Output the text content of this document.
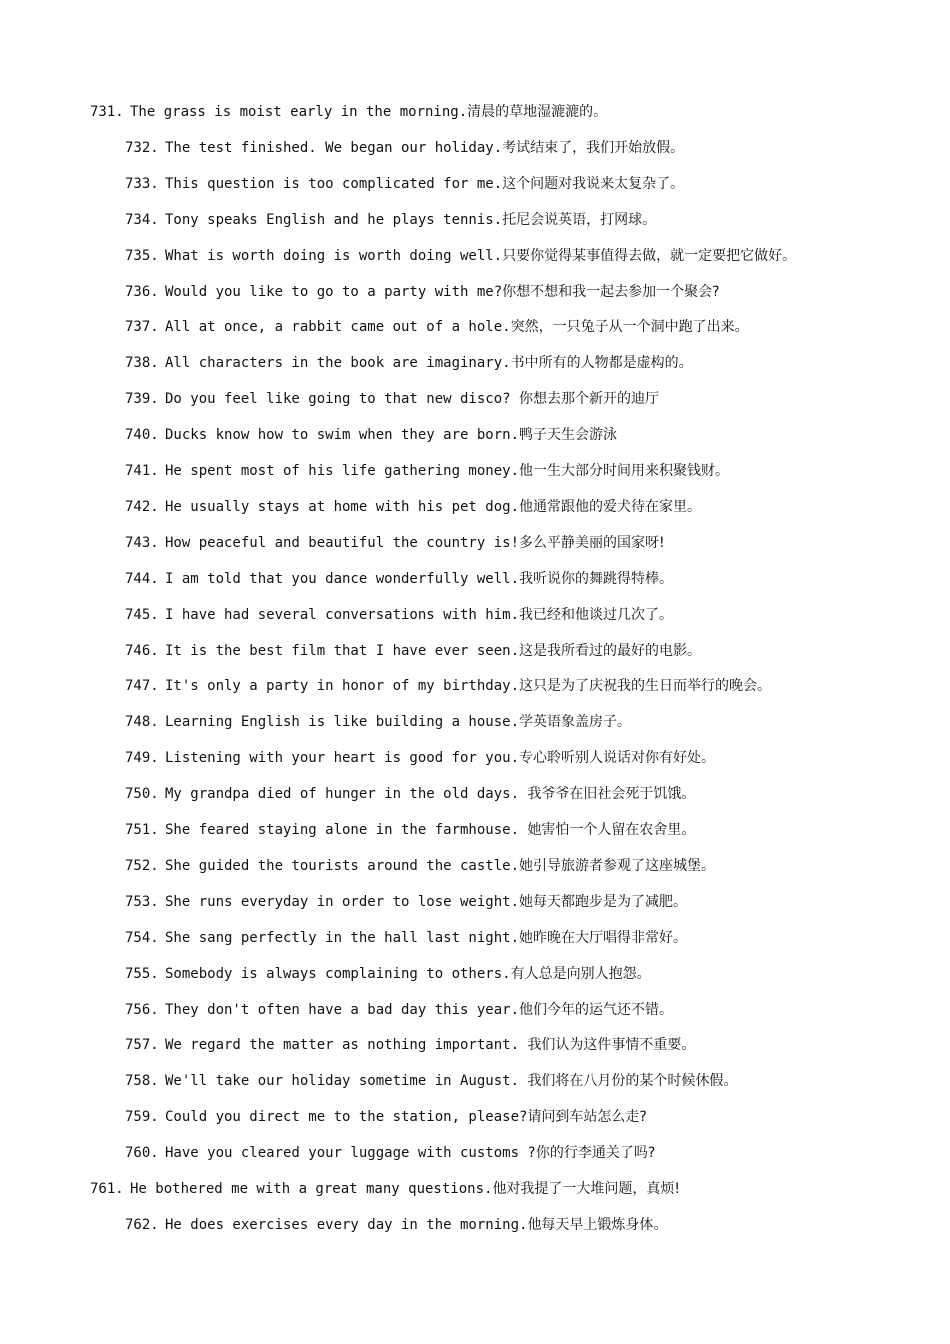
731. The grass is moist early in the morning.清晨的草地湿漉漉的。
732. The test finished. We began our holiday.考试结束了，我们开始放假。
733. This question is too complicated for me.这个问题对我说来太复杂了。
734. Tony speaks English and he plays tennis.托尼会说英语，打网球。
735. What is worth doing is worth doing well.只要你觉得某事值得去做，就一定要把它做好。
736. Would you like to go to a party with me?你想不想和我一起去参加一个聚会?
737. All at once, a rabbit came out of a hole.突然，一只兔子从一个洞中跑了出来。
738. All characters in the book are imaginary.书中所有的人物都是虚构的。
739. Do you feel like going to that new disco? 你想去那个新开的迪厅
740. Ducks know how to swim when they are born.鸭子天生会游泳
741. He spent most of his life gathering money.他一生大部分时间用来积聚钱财。
742. He usually stays at home with his pet dog.他通常跟他的爱犬待在家里。
743. How peaceful and beautiful the country is!多么平静美丽的国家呀!
744. I am told that you dance wonderfully well.我听说你的舞跳得特棒。
745. I have had several conversations with him.我已经和他谈过几次了。
746. It is the best film that I have ever seen.这是我所看过的最好的电影。
747. It's only a party in honor of my birthday.这只是为了庆祝我的生日而举行的晚会。
748. Learning English is like building a house.学英语象盖房子。
749. Listening with your heart is good for you.专心聆听别人说话对你有好处。
750. My grandpa died of hunger in the old days. 我爷爷在旧社会死于饥饿。
751. She feared staying alone in the farmhouse. 她害怕一个人留在农舍里。
752. She guided the tourists around the castle.她引导旅游者参观了这座城堡。
753. She runs everyday in order to lose weight.她每天都跑步是为了减肥。
754. She sang perfectly in the hall last night.她昨晚在大厅唱得非常好。
755. Somebody is always complaining to others.有人总是向别人抱怨。
756. They don't often have a bad day this year.他们今年的运气还不错。
757. We regard the matter as nothing important. 我们认为这件事情不重要。
758. We'll take our holiday sometime in August. 我们将在八月份的某个时候休假。
759. Could you direct me to the station, please?请问到车站怎么走?
760. Have you cleared your luggage with customs ?你的行李通关了吗?
761. He bothered me with a great many questions.他对我提了一大堆问题，真烦!
762. He does exercises every day in the morning.他每天早上锻炼身体。
